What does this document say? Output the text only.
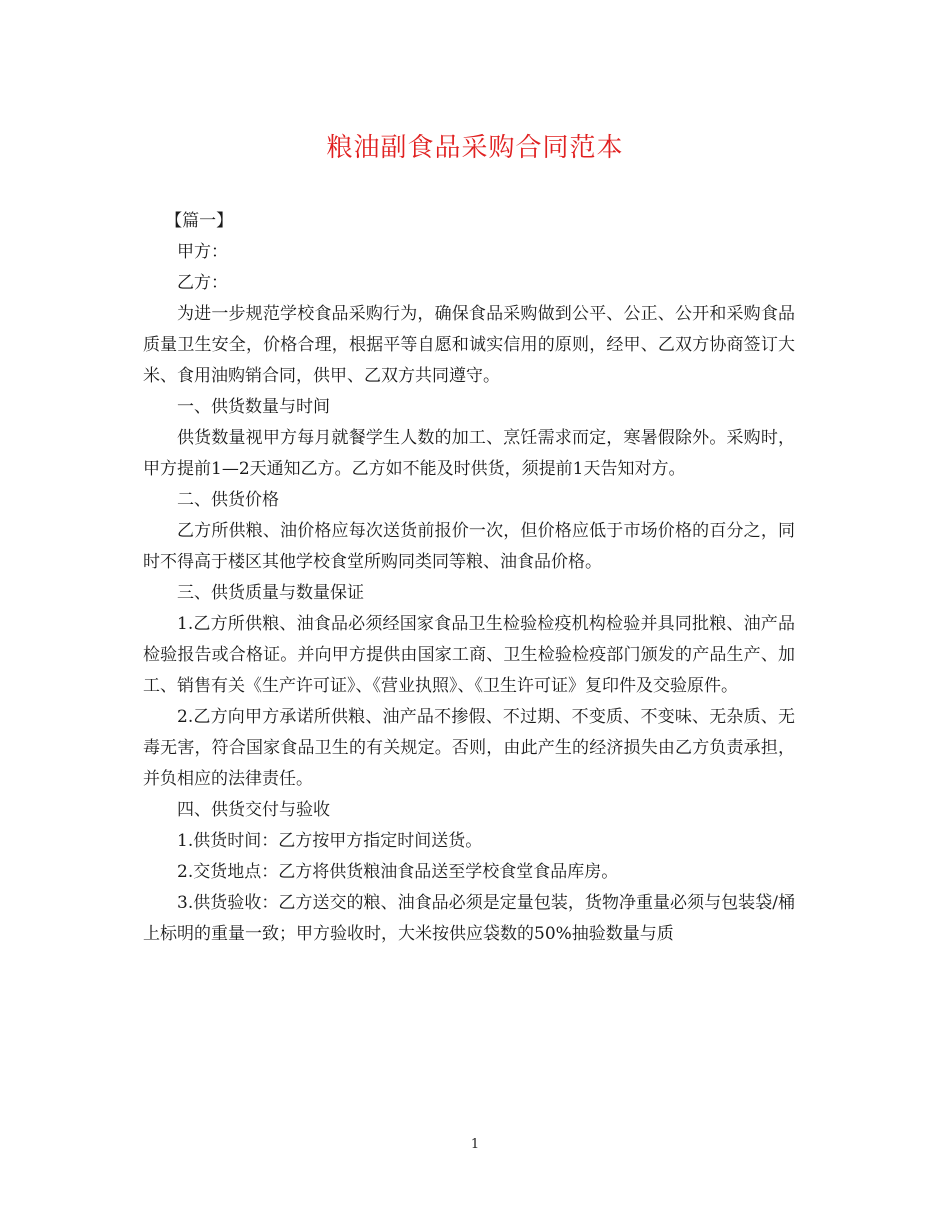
粮油副食品采购合同范本

【篇一】

甲方：

乙方：

为进一步规范学校食品采购行为，确保食品采购做到公平、公正、公开和采购食品质量卫生安全，价格合理，根据平等自愿和诚实信用的原则，经甲、乙双方协商签订大米、食用油购销合同，供甲、乙双方共同遵守。

一、供货数量与时间

供货数量视甲方每月就餐学生人数的加工、烹饪需求而定，寒暑假除外。采购时，甲方提前1—2天通知乙方。乙方如不能及时供货，须提前1天告知对方。

二、供货价格

乙方所供粮、油价格应每次送货前报价一次，但价格应低于市场价格的百分之，同时不得高于楼区其他学校食堂所购同类同等粮、油食品价格。

三、供货质量与数量保证

1.乙方所供粮、油食品必须经国家食品卫生检验检疫机构检验并具同批粮、油产品检验报告或合格证。并向甲方提供由国家工商、卫生检验检疫部门颁发的产品生产、加工、销售有关《生产许可证》、《营业执照》、《卫生许可证》复印件及交验原件。

2.乙方向甲方承诺所供粮、油产品不掺假、不过期、不变质、不变味、无杂质、无毒无害，符合国家食品卫生的有关规定。否则，由此产生的经济损失由乙方负责承担，并负相应的法律责任。

四、供货交付与验收

1.供货时间：乙方按甲方指定时间送货。

2.交货地点：乙方将供货粮油食品送至学校食堂食品库房。

3.供货验收：乙方送交的粮、油食品必须是定量包装，货物净重量必须与包装袋/桶上标明的重量一致；甲方验收时，大米按供应袋数的50%抽验数量与质

1
